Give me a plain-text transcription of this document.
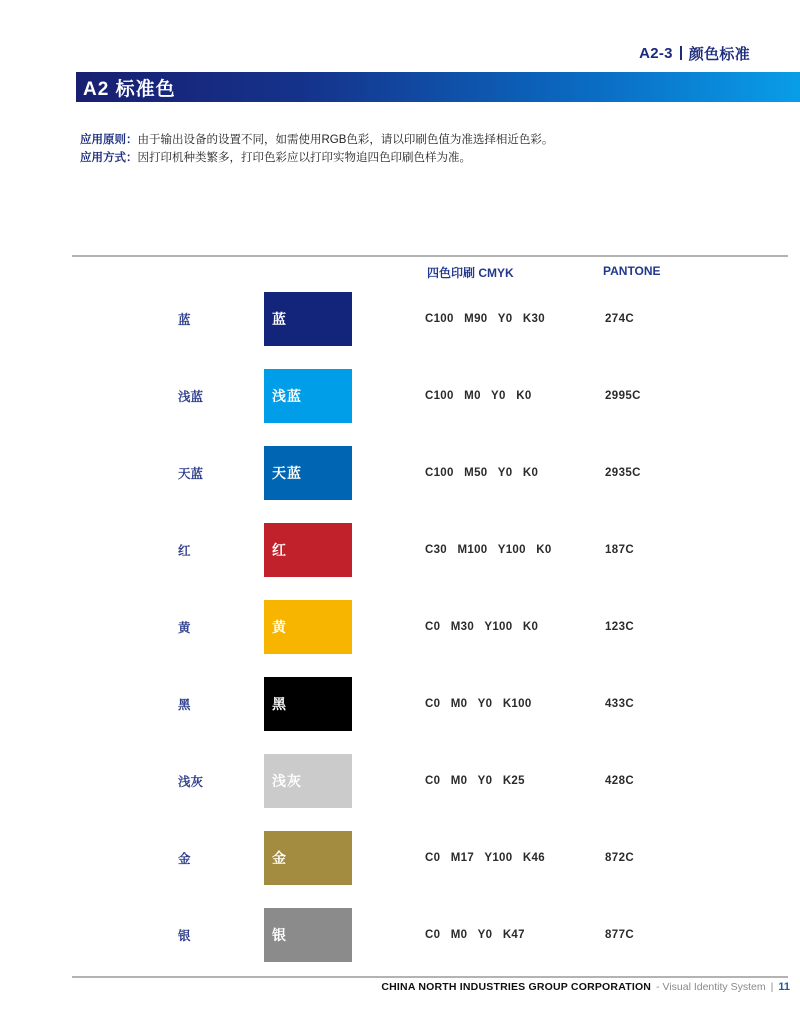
A2-3 颜色标准
A2 标准色
应用原则：由于输出设备的设置不同，如需使用RGB色彩，请以印刷色值为准选择相近色彩。
应用方式：因打印机种类繁多，打印色彩应以打印实物追四色印刷色样为准。
四色印刷 CMYK	PANTONE
蓝	蓝	C100 M90 Y0 K30	274C
浅蓝	浅蓝	C100 M0 Y0 K0	2995C
天蓝	天蓝	C100 M50 Y0 K0	2935C
红	红	C30 M100 Y100 K0	187C
黄	黄	C0 M30 Y100 K0	123C
黑	黑	C0 M0 Y0 K100	433C
浅灰	浅灰	C0 M0 Y0 K25	428C
金	金	C0 M17 Y100 K46	872C
银	银	C0 M0 Y0 K47	877C
CHINA NORTH INDUSTRIES GROUP CORPORATION - Visual Identity System | 11
